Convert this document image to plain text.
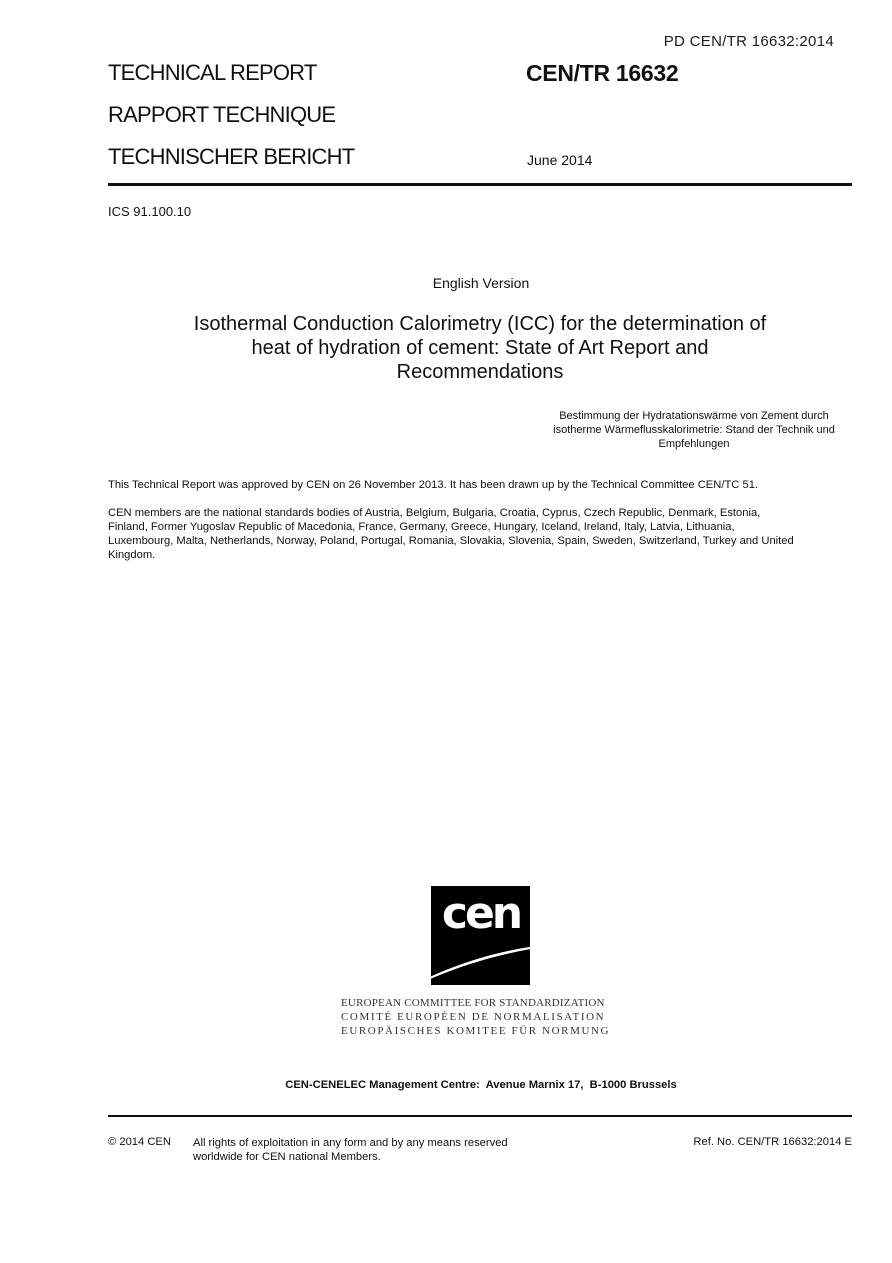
PD CEN/TR 16632:2014
TECHNICAL REPORT
RAPPORT TECHNIQUE
TECHNISCHER BERICHT
CEN/TR 16632
June 2014
ICS 91.100.10
English Version
Isothermal Conduction Calorimetry (ICC) for the determination of
heat of hydration of cement: State of Art Report and
Recommendations
Bestimmung der Hydratationswärme von Zement durch
isotherme Wärmeflusskalorimetrie: Stand der Technik und
Empfehlungen
This Technical Report was approved by CEN on 26 November 2013. It has been drawn up by the Technical Committee CEN/TC 51.
CEN members are the national standards bodies of Austria, Belgium, Bulgaria, Croatia, Cyprus, Czech Republic, Denmark, Estonia,
Finland, Former Yugoslav Republic of Macedonia, France, Germany, Greece, Hungary, Iceland, Ireland, Italy, Latvia, Lithuania,
Luxembourg, Malta, Netherlands, Norway, Poland, Portugal, Romania, Slovakia, Slovenia, Spain, Sweden, Switzerland, Turkey and United
Kingdom.
cen
EUROPEAN COMMITTEE FOR STANDARDIZATION
COMITÉ EUROPÉEN DE NORMALISATION
EUROPÄISCHES KOMITEE FÜR NORMUNG
CEN-CENELEC Management Centre:  Avenue Marnix 17,  B-1000 Brussels
© 2014 CEN All rights of exploitation in any form and by any means reserved
worldwide for CEN national Members.
Ref. No. CEN/TR 16632:2014 E
